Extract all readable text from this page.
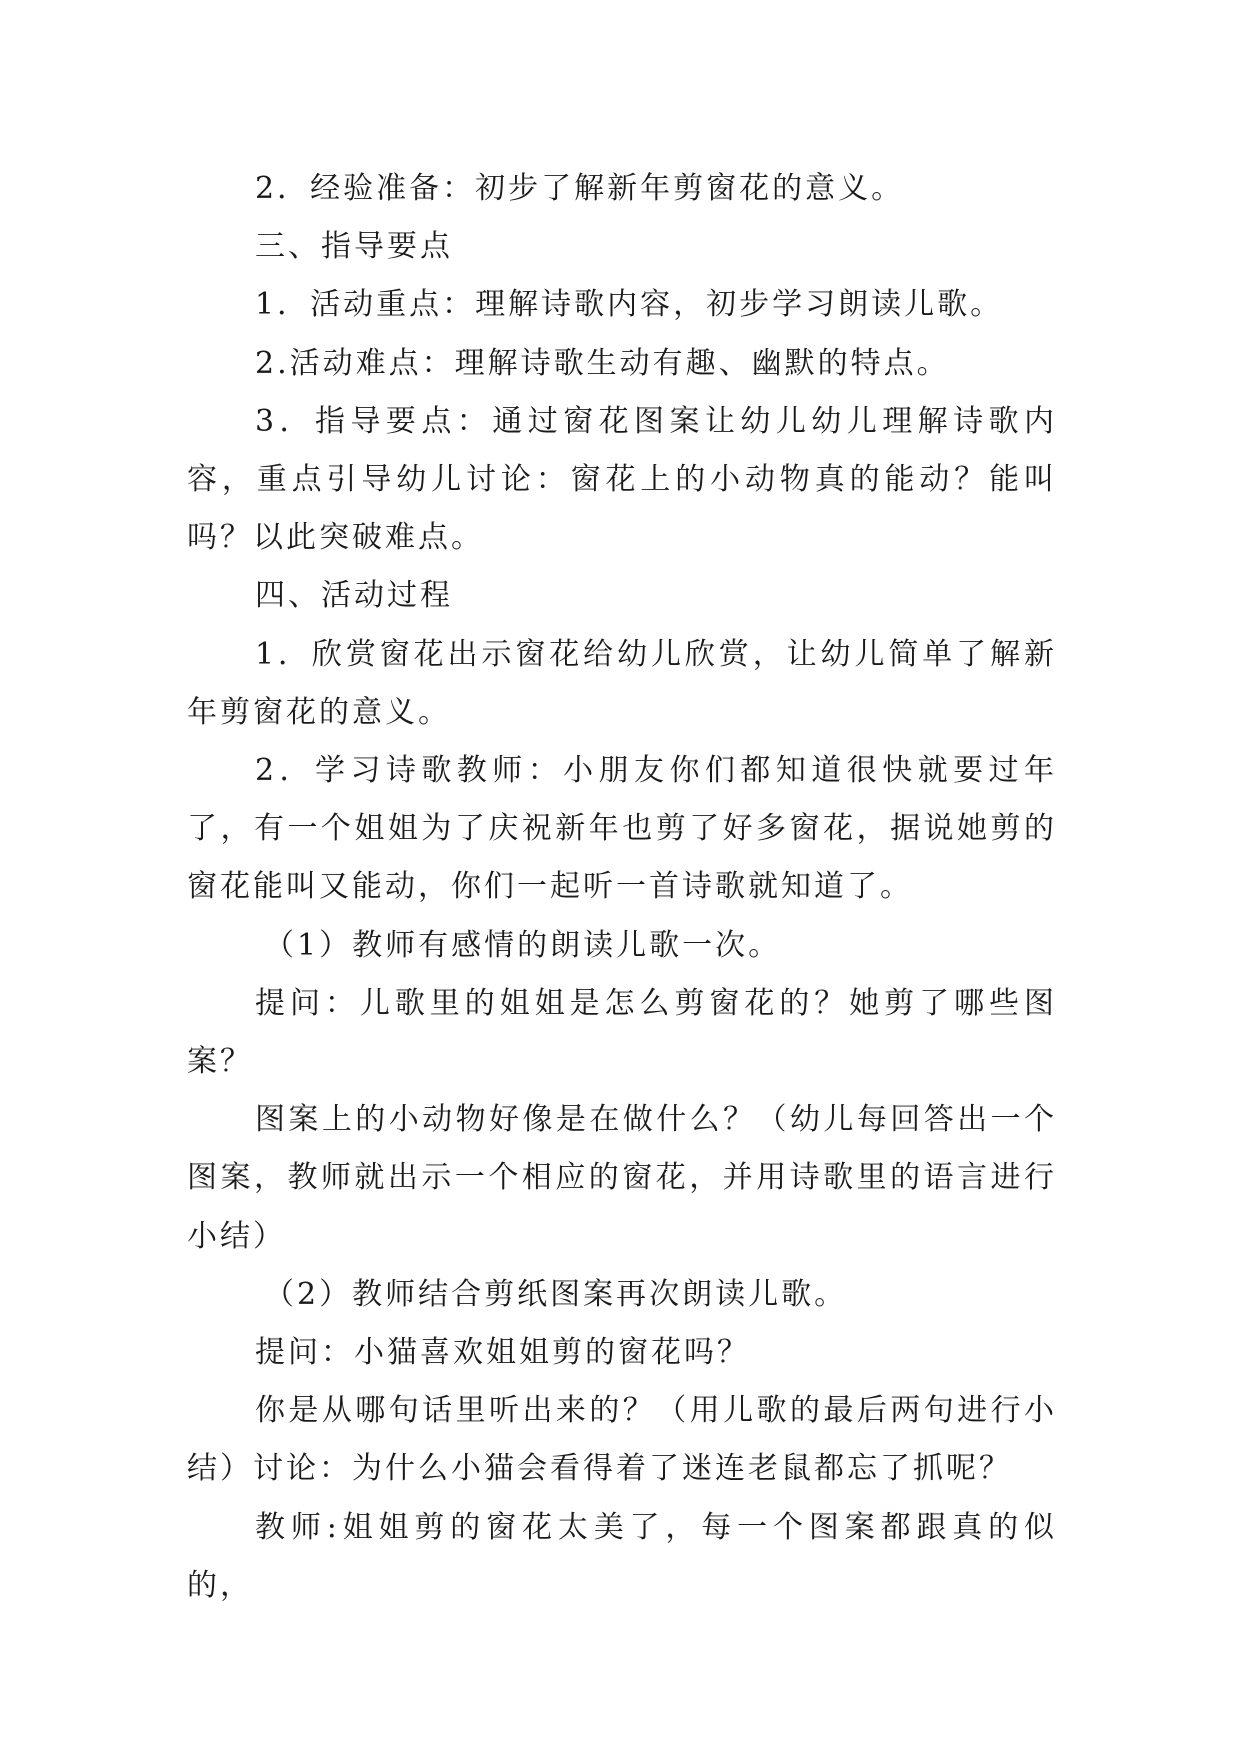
2．经验准备：初步了解新年剪窗花的意义。

三、指导要点

1．活动重点：理解诗歌内容，初步学习朗读儿歌。

2.活动难点：理解诗歌生动有趣、幽默的特点。

3．指导要点：通过窗花图案让幼儿幼儿理解诗歌内容，重点引导幼儿讨论：窗花上的小动物真的能动？能叫吗？以此突破难点。

四、活动过程

1．欣赏窗花出示窗花给幼儿欣赏，让幼儿简单了解新年剪窗花的意义。

2．学习诗歌教师：小朋友你们都知道很快就要过年了，有一个姐姐为了庆祝新年也剪了好多窗花，据说她剪的窗花能叫又能动，你们一起听一首诗歌就知道了。

（1）教师有感情的朗读儿歌一次。

提问：儿歌里的姐姐是怎么剪窗花的？她剪了哪些图案？

图案上的小动物好像是在做什么？（幼儿每回答出一个图案，教师就出示一个相应的窗花，并用诗歌里的语言进行小结）

（2）教师结合剪纸图案再次朗读儿歌。

提问：小猫喜欢姐姐剪的窗花吗？

你是从哪句话里听出来的？（用儿歌的最后两句进行小结）讨论：为什么小猫会看得着了迷连老鼠都忘了抓呢？

教师:姐姐剪的窗花太美了，每一个图案都跟真的似的，
